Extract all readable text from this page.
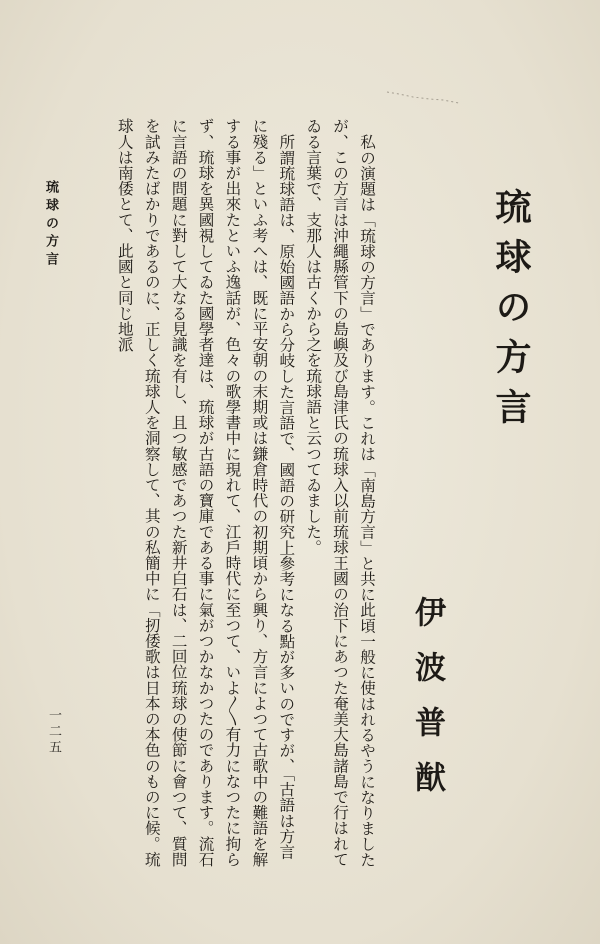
琉球の方言
伊波普猷

私の演題は「琉球の方言」であります。これは「南島方言」と共に此頃一般に使はれるやうになりましたが、この方言は沖繩縣管下の島嶼及び島津氏の琉球入以前琉球王國の治下にあつた奄美大島諸島で行はれてゐる言葉で、支那人は古くから之を琉球語と云つてゐました。

所謂琉球語は、原始國語から分岐した言語で、國語の研究上參考になる點が多いのですが、「古語は方言に殘る」といふ考へは、既に平安朝の末期或は鎌倉時代の初期頃から興り、方言によつて古歌中の難語を解する事が出來たといふ逸話が、色々の歌學書中に現れて、江戶時代に至つて、いよ〳〵有力になつたに拘らず、琉球を異國視してゐた國學者達は、琉球が古語の寶庫である事に氣がつかなかつたのであります。流石に言語の問題に對して大なる見識を有し、且つ敏感であつた新井白石は、二回位琉球の使節に會つて、質問を試みたばかりであるのに、正しく琉球人を洞察して、其の私簡中に「扨倭歌は日本の本色のものに候。琉球人は南倭とて、此國と同じ地派

琉球の方言
一二五
